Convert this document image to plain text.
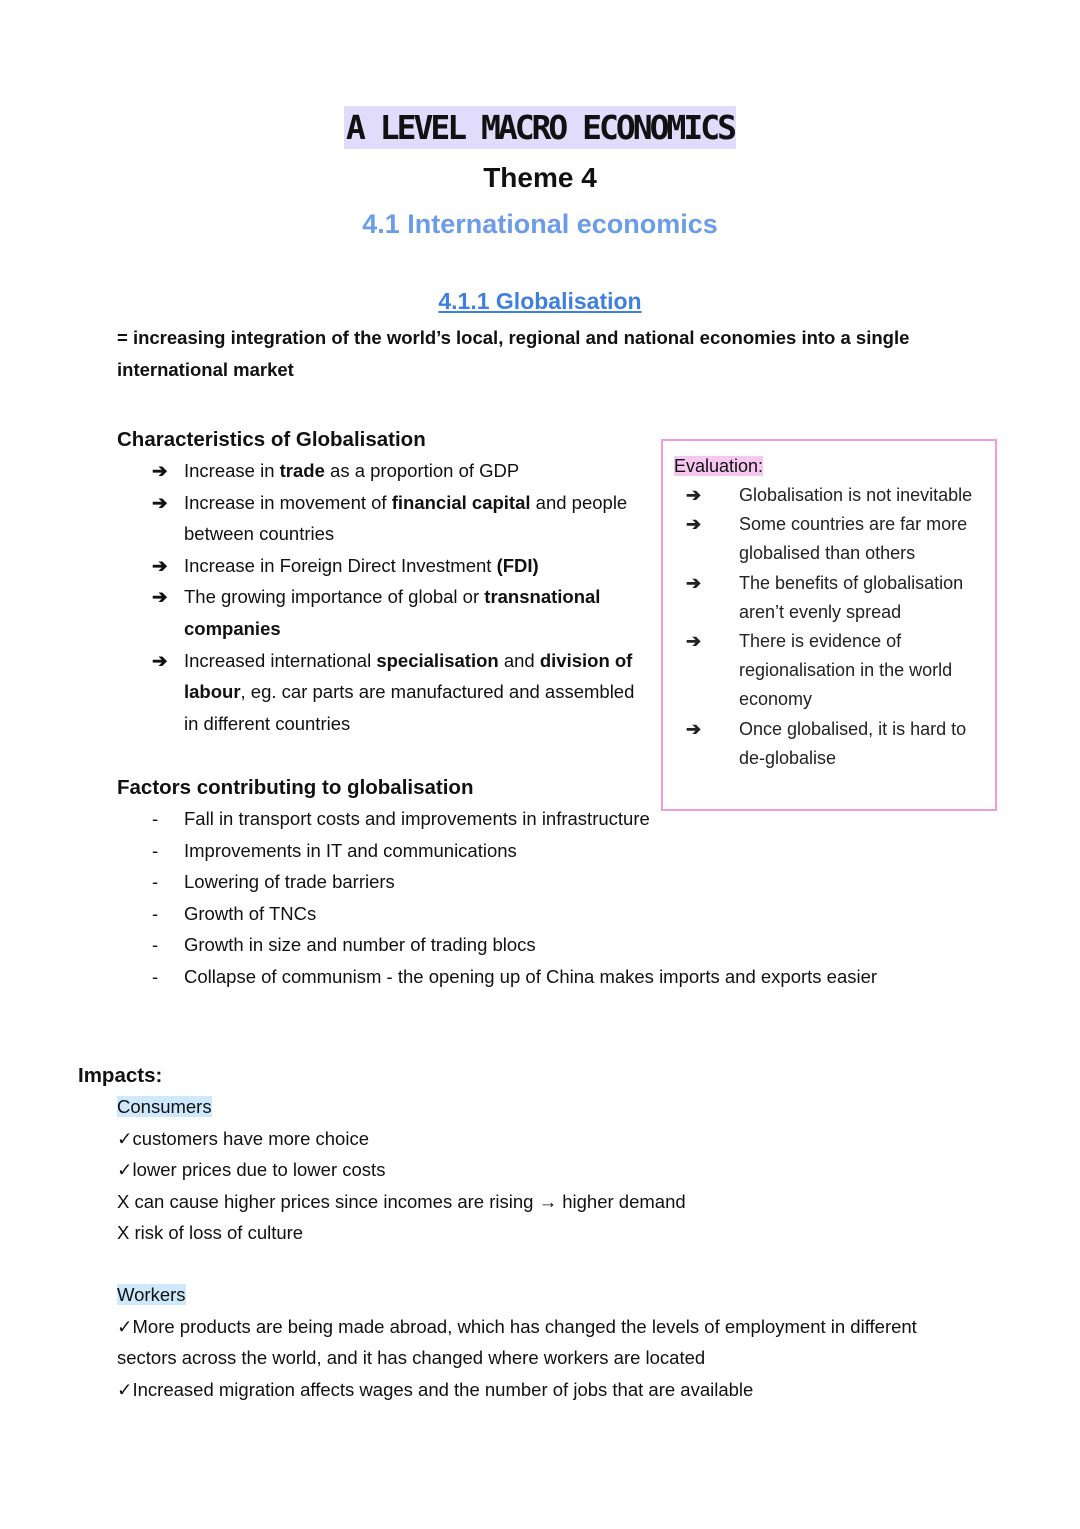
A LEVEL MACRO ECONOMICS
Theme 4
4.1 International economics
4.1.1 Globalisation
= increasing integration of the world’s local, regional and national economies into a single international market
Characteristics of Globalisation
➔ Increase in trade as a proportion of GDP
➔ Increase in movement of financial capital and people between countries
➔ Increase in Foreign Direct Investment (FDI)
➔ The growing importance of global or transnational companies
➔ Increased international specialisation and division of labour, eg. car parts are manufactured and assembled in different countries
Evaluation:
➔ Globalisation is not inevitable
➔ Some countries are far more globalised than others
➔ The benefits of globalisation aren’t evenly spread
➔ There is evidence of regionalisation in the world economy
➔ Once globalised, it is hard to de-globalise
Factors contributing to globalisation
- Fall in transport costs and improvements in infrastructure
- Improvements in IT and communications
- Lowering of trade barriers
- Growth of TNCs
- Growth in size and number of trading blocs
- Collapse of communism - the opening up of China makes imports and exports easier
Impacts:
Consumers
✓customers have more choice
✓lower prices due to lower costs
X can cause higher prices since incomes are rising → higher demand
X risk of loss of culture
Workers
✓More products are being made abroad, which has changed the levels of employment in different sectors across the world, and it has changed where workers are located
✓Increased migration affects wages and the number of jobs that are available
